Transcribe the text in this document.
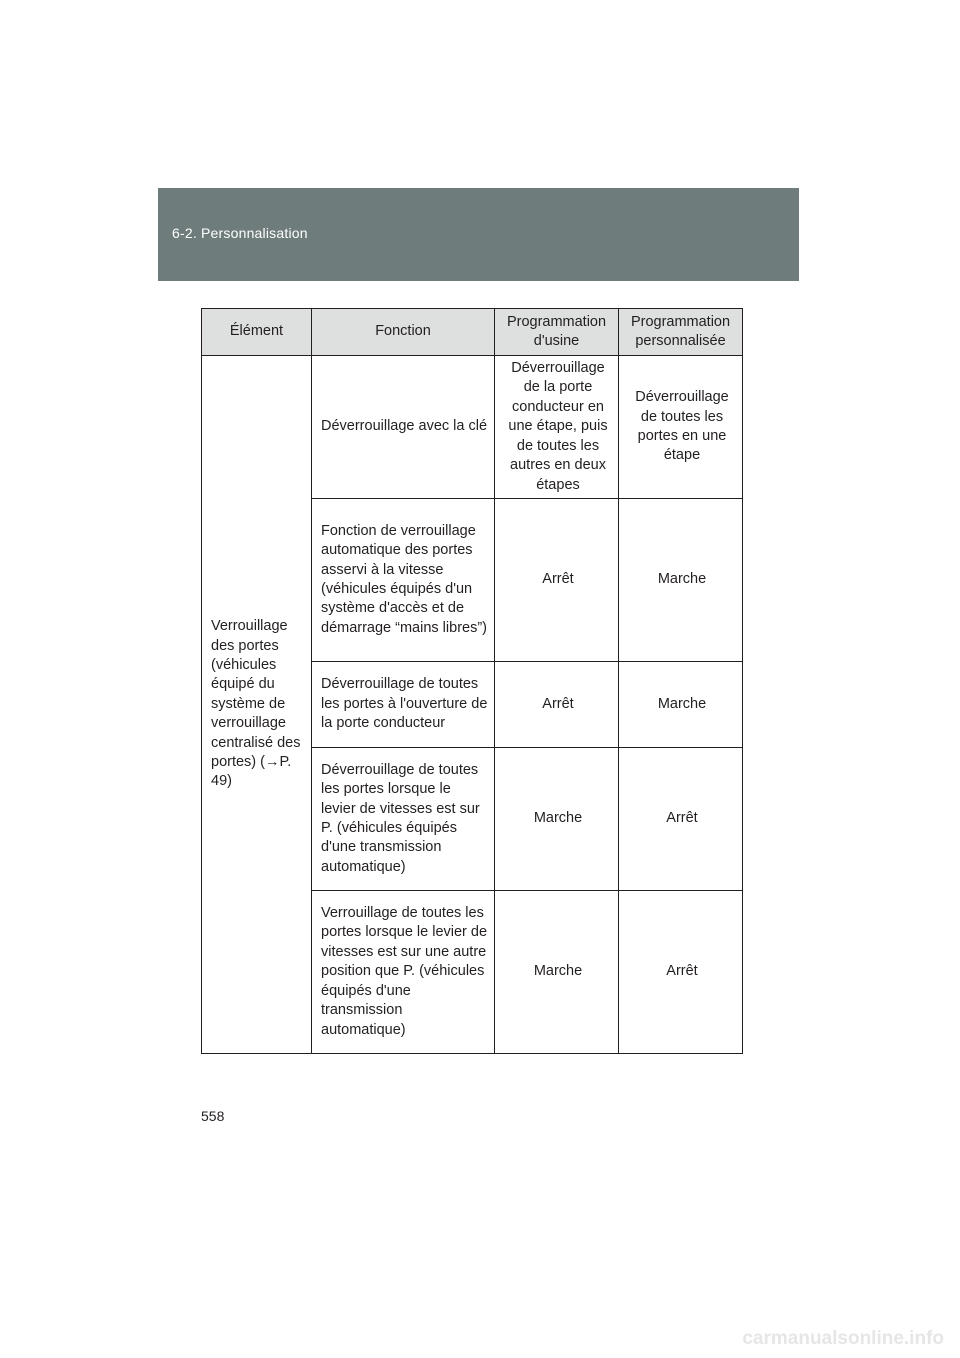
6-2. Personnalisation
Élément	Fonction	Programmation d'usine	Programmation personnalisée
Verrouillage des portes (véhicules équipé du système de verrouillage centralisé des portes) (→P. 49)	Déverrouillage avec la clé	Déverrouillage de la porte conducteur en une étape, puis de toutes les autres en deux étapes	Déverrouillage de toutes les portes en une étape
	Fonction de verrouillage automatique des portes asservi à la vitesse (véhicules équipés d'un système d'accès et de démarrage “mains libres”)	Arrêt	Marche
	Déverrouillage de toutes les portes à l'ouverture de la porte conducteur	Arrêt	Marche
	Déverrouillage de toutes les portes lorsque le levier de vitesses est sur P. (véhicules équipés d'une transmission automatique)	Marche	Arrêt
	Verrouillage de toutes les portes lorsque le levier de vitesses est sur une autre position que P. (véhicules équipés d'une transmission automatique)	Marche	Arrêt
558
carmanualsonline.info
